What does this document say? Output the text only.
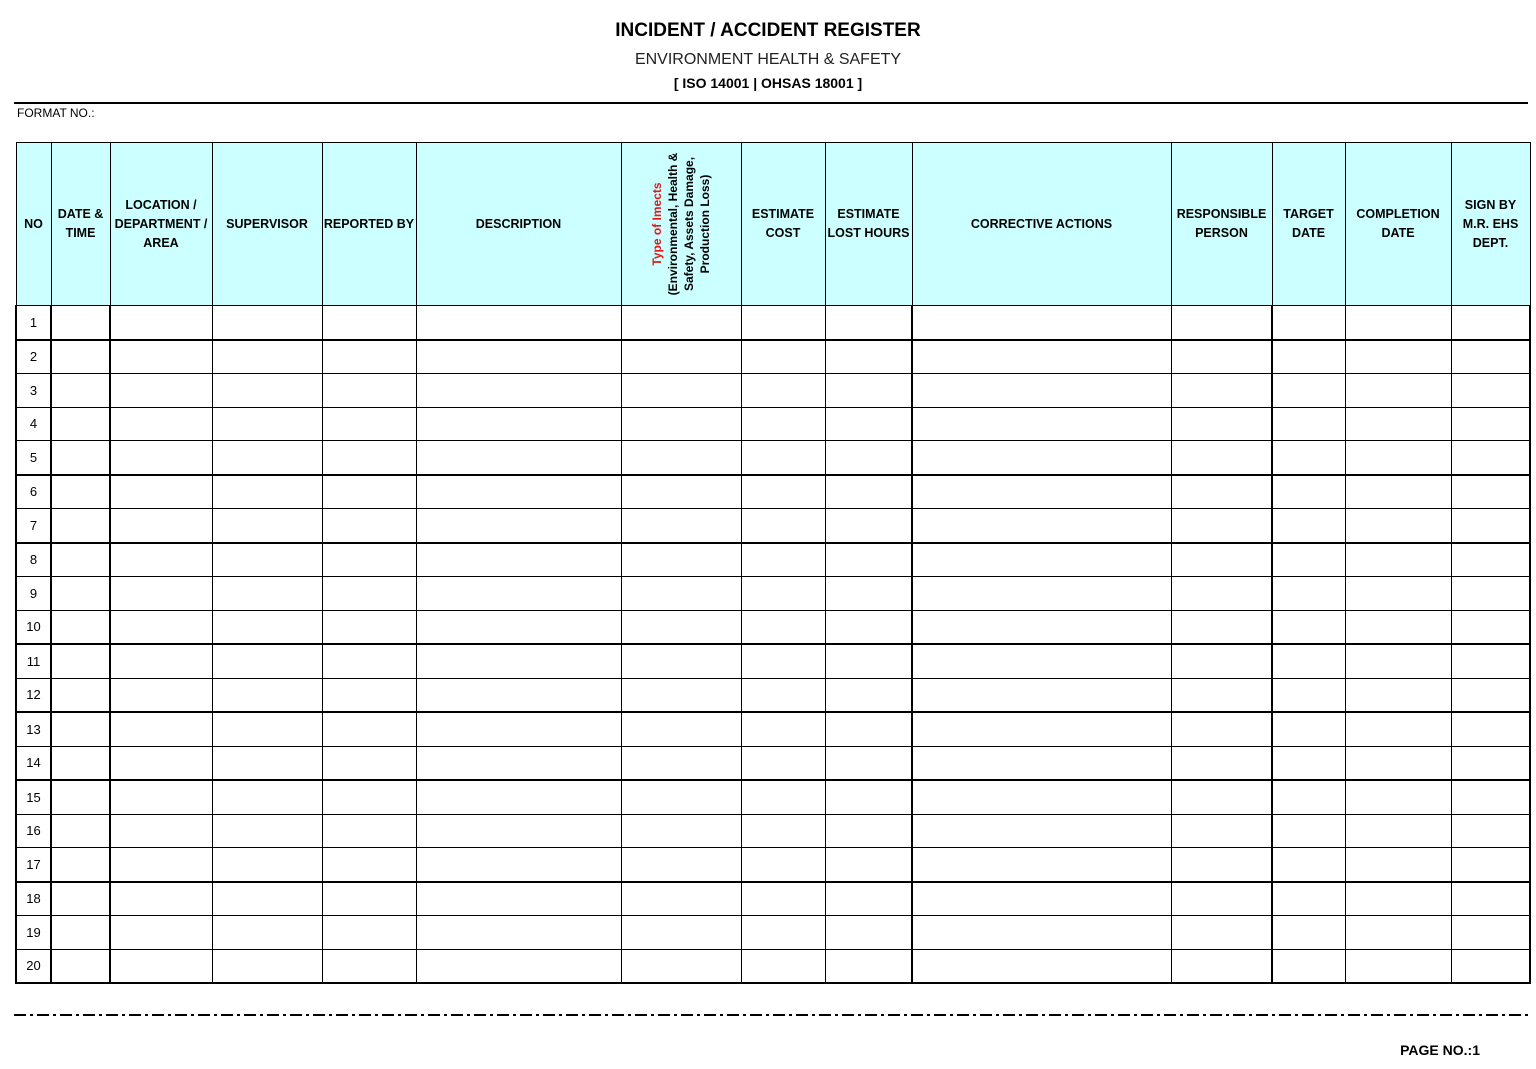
INCIDENT / ACCIDENT REGISTER
ENVIRONMENT HEALTH & SAFETY
[ ISO 14001 | OHSAS 18001 ]
FORMAT NO.:
NO	DATE & TIME	LOCATION / DEPARTMENT / AREA	SUPERVISOR	REPORTED BY	DESCRIPTION	Type of Imects (Environmental, Health & Safety, Assets Damage, Production Loss)	ESTIMATE COST	ESTIMATE LOST HOURS	CORRECTIVE ACTIONS	RESPONSIBLE PERSON	TARGET DATE	COMPLETION DATE	SIGN BY M.R. EHS DEPT.
1													
2													
3													
4													
5													
6													
7													
8													
9													
10													
11													
12													
13													
14													
15													
16													
17													
18													
19													
20													
PAGE NO.:1
